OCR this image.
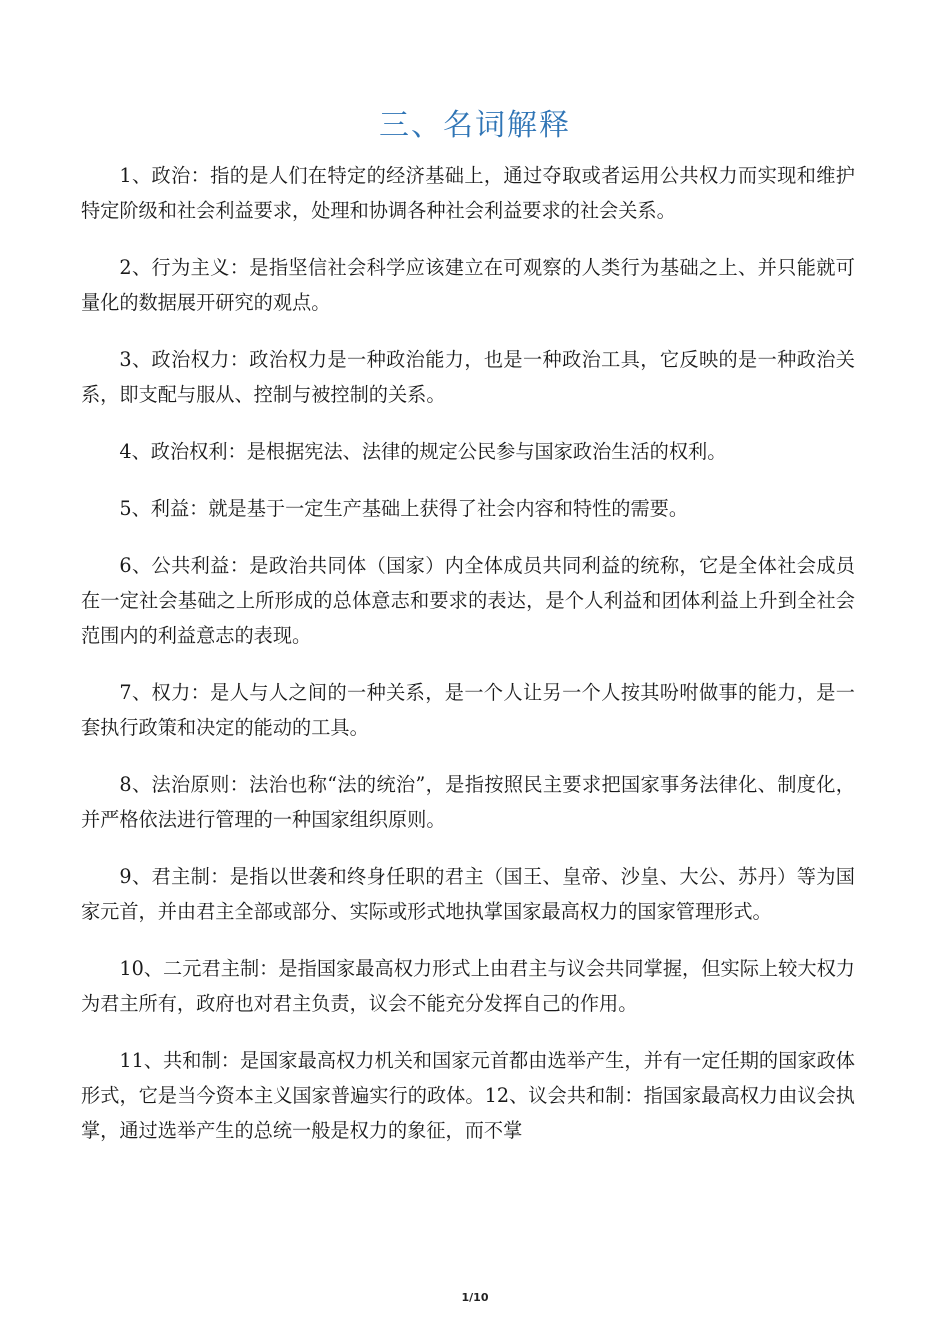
三、名词解释

1、政治：指的是人们在特定的经济基础上，通过夺取或者运用公共权力而实现和维护特定阶级和社会利益要求，处理和协调各种社会利益要求的社会关系。

2、行为主义：是指坚信社会科学应该建立在可观察的人类行为基础之上、并只能就可量化的数据展开研究的观点。

3、政治权力：政治权力是一种政治能力，也是一种政治工具，它反映的是一种政治关系，即支配与服从、控制与被控制的关系。

4、政治权利：是根据宪法、法律的规定公民参与国家政治生活的权利。

5、利益：就是基于一定生产基础上获得了社会内容和特性的需要。

6、公共利益：是政治共同体（国家）内全体成员共同利益的统称，它是全体社会成员在一定社会基础之上所形成的总体意志和要求的表达，是个人利益和团体利益上升到全社会范围内的利益意志的表现。

7、权力：是人与人之间的一种关系，是一个人让另一个人按其吩咐做事的能力，是一套执行政策和决定的能动的工具。

8、法治原则：法治也称“法的统治”，是指按照民主要求把国家事务法律化、制度化，并严格依法进行管理的一种国家组织原则。

9、君主制：是指以世袭和终身任职的君主（国王、皇帝、沙皇、大公、苏丹）等为国家元首，并由君主全部或部分、实际或形式地执掌国家最高权力的国家管理形式。

10、二元君主制：是指国家最高权力形式上由君主与议会共同掌握，但实际上较大权力为君主所有，政府也对君主负责，议会不能充分发挥自己的作用。

11、共和制：是国家最高权力机关和国家元首都由选举产生，并有一定任期的国家政体形式，它是当今资本主义国家普遍实行的政体。12、议会共和制：指国家最高权力由议会执掌，通过选举产生的总统一般是权力的象征，而不掌

1/10
